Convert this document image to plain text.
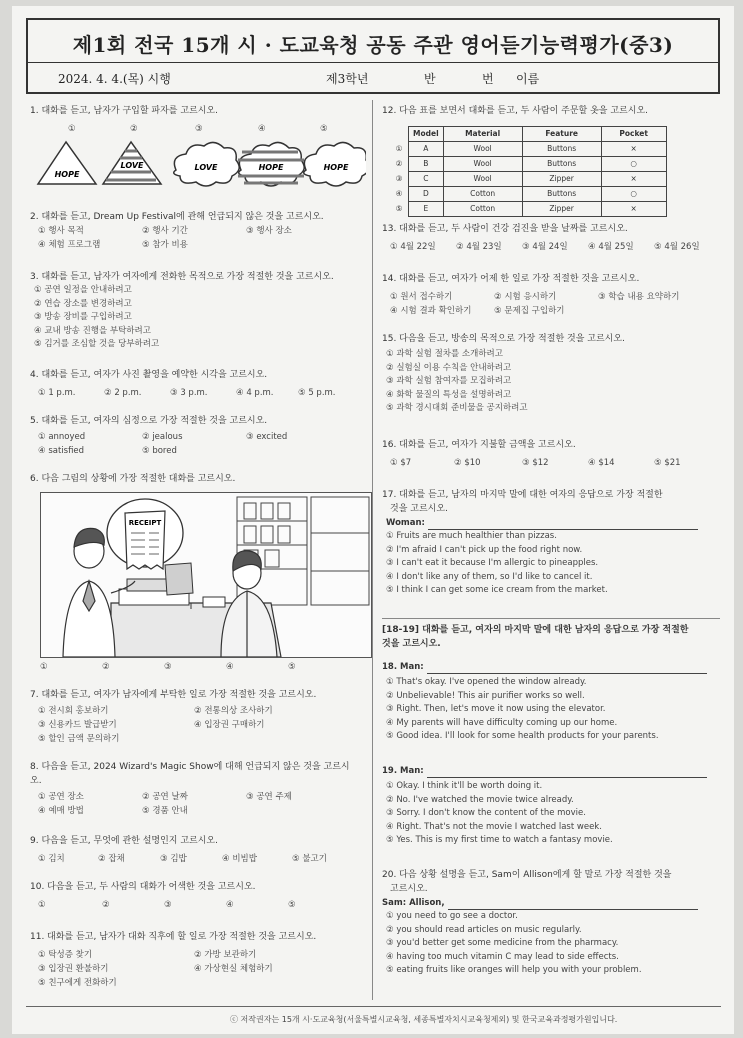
제1회 전국 15개 시 · 도교육청 공동 주관 영어듣기능력평가(중3)
2024. 4. 4.(목) 시행	제3학년	반	번 이름
1. 대화를 듣고, 남자가 구입할 파자를 고르시오.
①	②	③	④	⑤
HOPE
LOVE	LOVE	HOPE	HOPE
2. 대화를 듣고, Dream Up Festival에 관해 언급되지 않은 것을 고르시오.
① 행사 목적	② 행사 기간	③ 행사 장소
④ 체험 프로그램	⑤ 참가 비용
3. 대화를 듣고, 남자가 여자에게 전화한 목적으로 가장 적절한 것을 고르시오.
① 공연 일정을 안내하려고
② 연습 장소를 변경하려고
③ 방송 장비를 구입하려고
④ 교내 방송 진행을 부탁하려고
⑤ 김거를 조심할 것을 당부하려고
4. 대화를 듣고, 여자가 사진 촬영을 예약한 시각을 고르시오.
① 1 p.m.	② 2 p.m.	③ 3 p.m.	④ 4 p.m.	⑤ 5 p.m.
5. 대화를 듣고, 여자의 심정으로 가장 적절한 것을 고르시오.
① annoyed	② jealous	③ excited
④ satisfied	⑤ bored
6. 다음 그림의 상황에 가장 적절한 대화를 고르시오.
RECEIPT
①	②	③	④	⑤
7. 대화를 듣고, 여자가 남자에게 부탁한 일로 가장 적절한 것을 고르시오.
① 전시회 홍보하기	② 전통의상 조사하기
③ 신용카드 발급받기	④ 입장권 구매하기
⑤ 할인 금액 문의하기
8. 다음을 듣고, 2024 Wizard's Magic Show에 대해 언급되지 않은 것을 고르시오.
① 공연 장소	② 공연 날짜	③ 공연 주제
④ 예매 방법	⑤ 경품 안내
9. 다음을 듣고, 무엇에 관한 설명인지 고르시오.
① 김치	② 잡채	③ 김밥	④ 비빔밥	⑤ 불고기
10. 다음을 듣고, 두 사람의 대화가 어색한 것을 고르시오.
①	②	③	④	⑤
11. 대화를 듣고, 남자가 대화 직후에 할 일로 가장 적절한 것을 고르시오.
① 탁성증 찾기	② 가방 보관하기
③ 입장권 환불하기	④ 가상현실 체험하기
⑤ 친구에게 전화하기
12. 다음 표를 보면서 대화를 듣고, 두 사람이 주문할 옷을 고르시오.
	Model	Material	Feature	Pocket
①	A	Wool	Buttons	×
②	B	Wool	Buttons	○
③	C	Wool	Zipper	×
④	D	Cotton	Buttons	○
⑤	E	Cotton	Zipper	×
13. 대화를 듣고, 두 사람이 건강 검진을 받을 날짜를 고르시오.
① 4월 22일 ② 4월 23일 ③ 4월 24일 ④ 4월 25일 ⑤ 4월 26일
14. 대화를 듣고, 여자가 어제 한 일로 가장 적절한 것을 고르시오.
① 원서 접수하기	② 시험 응시하기	③ 학습 내용 요약하기
④ 시험 결과 확인하기	⑤ 문제집 구입하기
15. 다음을 듣고, 방송의 목적으로 가장 적절한 것을 고르시오.
① 과학 실험 절차를 소개하려고
② 실험실 이용 수칙을 안내하려고
③ 과학 실험 참여자를 모집하려고
④ 화학 물질의 특성을 설명하려고
⑤ 과학 경시대회 준비물을 공지하려고
16. 대화를 듣고, 여자가 지불할 금액을 고르시오.
① $7	② $10	③ $12	④ $14	⑤ $21
17. 대화를 듣고, 남자의 마지막 말에 대한 여자의 응답으로 가장 적절한
것을 고르시오.
Woman:
① Fruits are much healthier than pizzas.
② I'm afraid I can't pick up the food right now.
③ I can't eat it because I'm allergic to pineapples.
④ I don't like any of them, so I'd like to cancel it.
⑤ I think I can get some ice cream from the market.
[18-19] 대화를 듣고, 여자의 마지막 말에 대한 남자의 응답으로 가장 적절한
것을 고르시오.
18. Man:
① That's okay. I've opened the window already.
② Unbelievable! This air purifier works so well.
③ Right. Then, let's move it now using the elevator.
④ My parents will have difficulty coming up our home.
⑤ Good idea. I'll look for some health products for your parents.
19. Man:
① Okay. I think it'll be worth doing it.
② No. I've watched the movie twice already.
③ Sorry. I don't know the content of the movie.
④ Right. That's not the movie I watched last week.
⑤ Yes. This is my first time to watch a fantasy movie.
20. 다음 상황 설명을 듣고, Sam이 Allison에게 할 말로 가장 적절한 것을
고르시오.
Sam: Allison,
① you need to go see a doctor.
② you should read articles on music regularly.
③ you'd better get some medicine from the pharmacy.
④ having too much vitamin C may lead to side effects.
⑤ eating fruits like oranges will help you with your problem.
ⓒ 저작권자는 15개 시·도교육청(서울특별시교육청, 세종특별자치시교육청제외) 및 한국교육과정평가원입니다.
